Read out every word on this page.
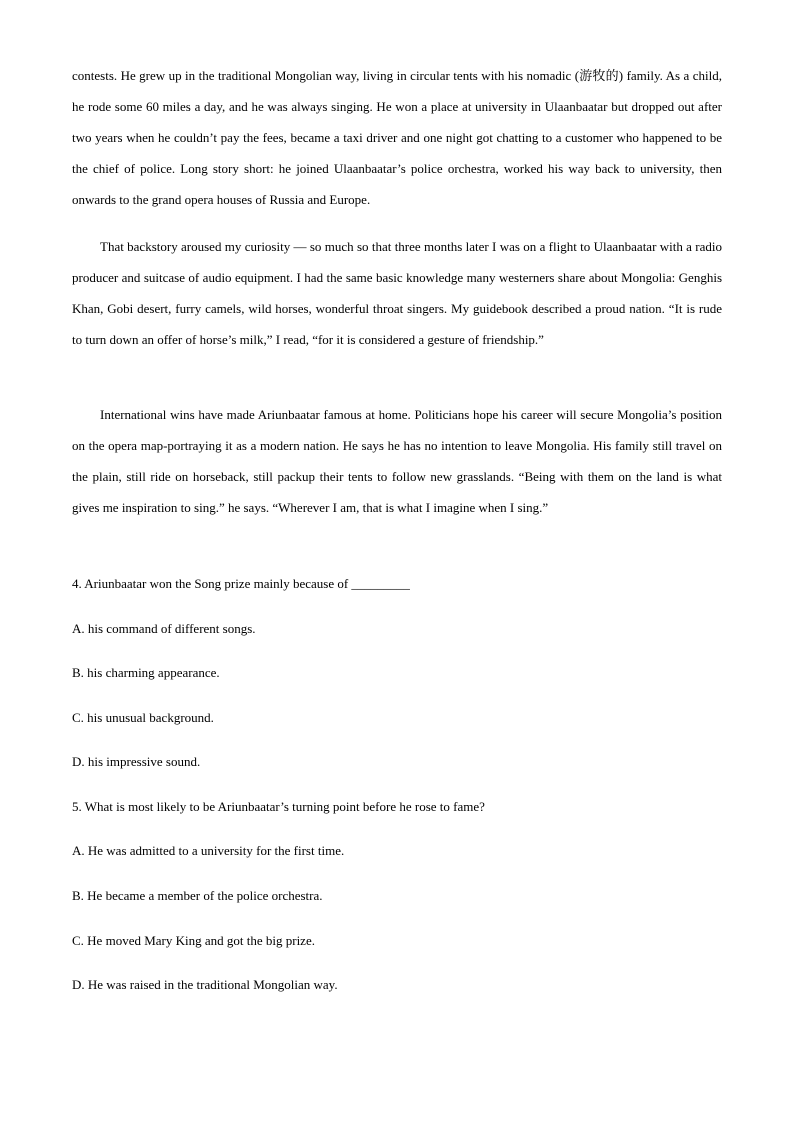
contests. He grew up in the traditional Mongolian way, living in circular tents with his nomadic (游牧的) family. As a child, he rode some 60 miles a day, and he was always singing. He won a place at university in Ulaanbaatar but dropped out after two years when he couldn’t pay the fees, became a taxi driver and one night got chatting to a customer who happened to be the chief of police. Long story short: he joined Ulaanbaatar’s police orchestra, worked his way back to university, then onwards to the grand opera houses of Russia and Europe.

That backstory aroused my curiosity — so much so that three months later I was on a flight to Ulaanbaatar with a radio producer and suitcase of audio equipment. I had the same basic knowledge many westerners share about Mongolia: Genghis Khan, Gobi desert, furry camels, wild horses, wonderful throat singers. My guidebook described a proud nation. “It is rude to turn down an offer of horse’s milk,” I read, “for it is considered a gesture of friendship.”

International wins have made Ariunbaatar famous at home. Politicians hope his career will secure Mongolia’s position on the opera map-portraying it as a modern nation. He says he has no intention to leave Mongolia. His family still travel on the plain, still ride on horseback, still packup their tents to follow new grasslands. “Being with them on the land is what gives me inspiration to sing.” he says. “Wherever I am, that is what I imagine when I sing.”

4. Ariunbaatar won the Song prize mainly because of _________
A. his command of different songs.
B. his charming appearance.
C. his unusual background.
D. his impressive sound.
5. What is most likely to be Ariunbaatar’s turning point before he rose to fame?
A. He was admitted to a university for the first time.
B. He became a member of the police orchestra.
C. He moved Mary King and got the big prize.
D. He was raised in the traditional Mongolian way.
